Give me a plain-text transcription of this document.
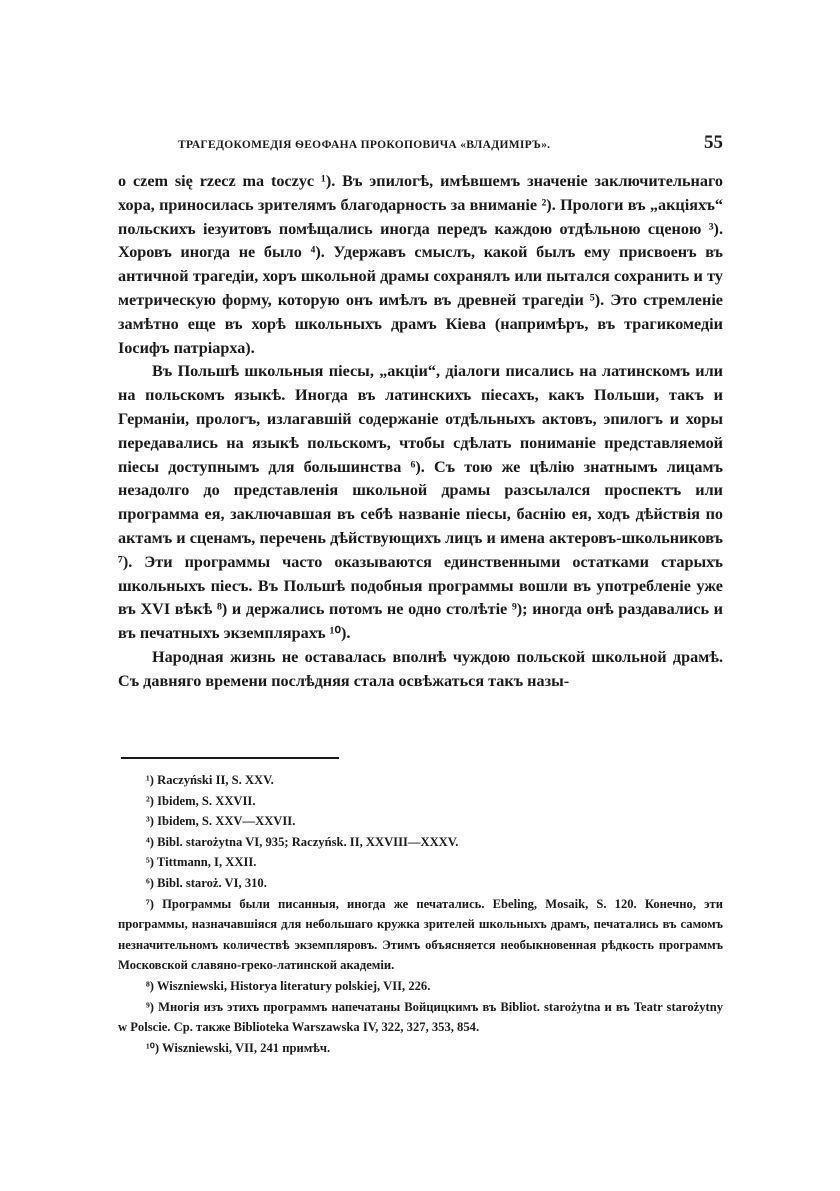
ТРАГЕДОКОМЕДІЯ ѲЕОФАНА ПРОКОПОВИЧА «ВЛАДИМІРЪ».	55

o czem się rzecz ma toczyc ¹). Въ эпилогѣ, имѣвшемъ значеніе заключительнаго хора, приносилась зрителямъ благодарность за вниманіе ²). Прологи въ „акціяхъ“ польскихъ іезуитовъ помѣщались иногда передъ каждою отдѣльною сценою ³). Хоровъ иногда не было ⁴). Удержавъ смыслъ, какой былъ ему присвоенъ въ античной трагедіи, хоръ школьной драмы сохранялъ или пытался сохранить и ту метрическую форму, которую онъ имѣлъ въ древней трагедіи ⁵). Это стремленіе замѣтно еще въ хорѣ школьныхъ драмъ Кіева (напримѣръ, въ трагикомедіи Іосифъ патріарха).

Въ Польшѣ школьныя піесы, „акціи“, діалоги писались на латинскомъ или на польскомъ языкѣ. Иногда въ латинскихъ піесахъ, какъ Польши, такъ и Германіи, прологъ, излагавшій содержаніе отдѣльныхъ актовъ, эпилогъ и хоры передавались на языкѣ польскомъ, чтобы сдѣлать пониманіе представляемой піесы доступнымъ для большинства ⁶). Съ тою же цѣлію знатнымъ лицамъ незадолго до представленія школьной драмы разсылался проспектъ или программа ея, заключавшая въ себѣ названіе піесы, баснію ея, ходъ дѣйствія по актамъ и сценамъ, перечень дѣйствующихъ лицъ и имена актеровъ-школьниковъ ⁷). Эти программы часто оказываются единственными остатками старыхъ школьныхъ піесъ. Въ Польшѣ подобныя программы вошли въ употребленіе уже въ XVI вѣкѣ ⁸) и держались потомъ не одно столѣтіе ⁹); иногда онѣ раздавались и въ печатныхъ экземплярахъ ¹⁰).

Народная жизнь не оставалась вполнѣ чуждою польской школьной драмѣ. Съ давняго времени послѣдняя стала освѣжаться такъ назы-

¹) Raczyński II, S. XXV.

²) Ibidem, S. XXVII.

³) Ibidem, S. XXV—XXVII.

⁴) Bibl. starożytna VI, 935; Raczyńsk. II, XXVIII—XXXV.

⁵) Tittmann, I, XXII.

⁶) Bibl. staroż. VI, 310.

⁷) Программы были писанныя, иногда же печатались. Ebeling, Mosaik, S. 120. Конечно, эти программы, назначавшіяся для небольшаго кружка зрителей школьныхъ драмъ, печатались въ самомъ незначительномъ количествѣ экземпляровъ. Этимъ объясняется необыкновенная рѣдкость программъ Московской славяно-греко-латинской академіи.

⁸) Wiszniewski, Historya literatury polskiej, VII, 226.

⁹) Многія изъ этихъ программъ напечатаны Войцицкимъ въ Bibliot. starożytna и въ Teatr starożytny w Polscie. Ср. также Biblioteka Warszawska IV, 322, 327, 353, 854.

¹⁰) Wiszniewski, VII, 241 примѣч.
